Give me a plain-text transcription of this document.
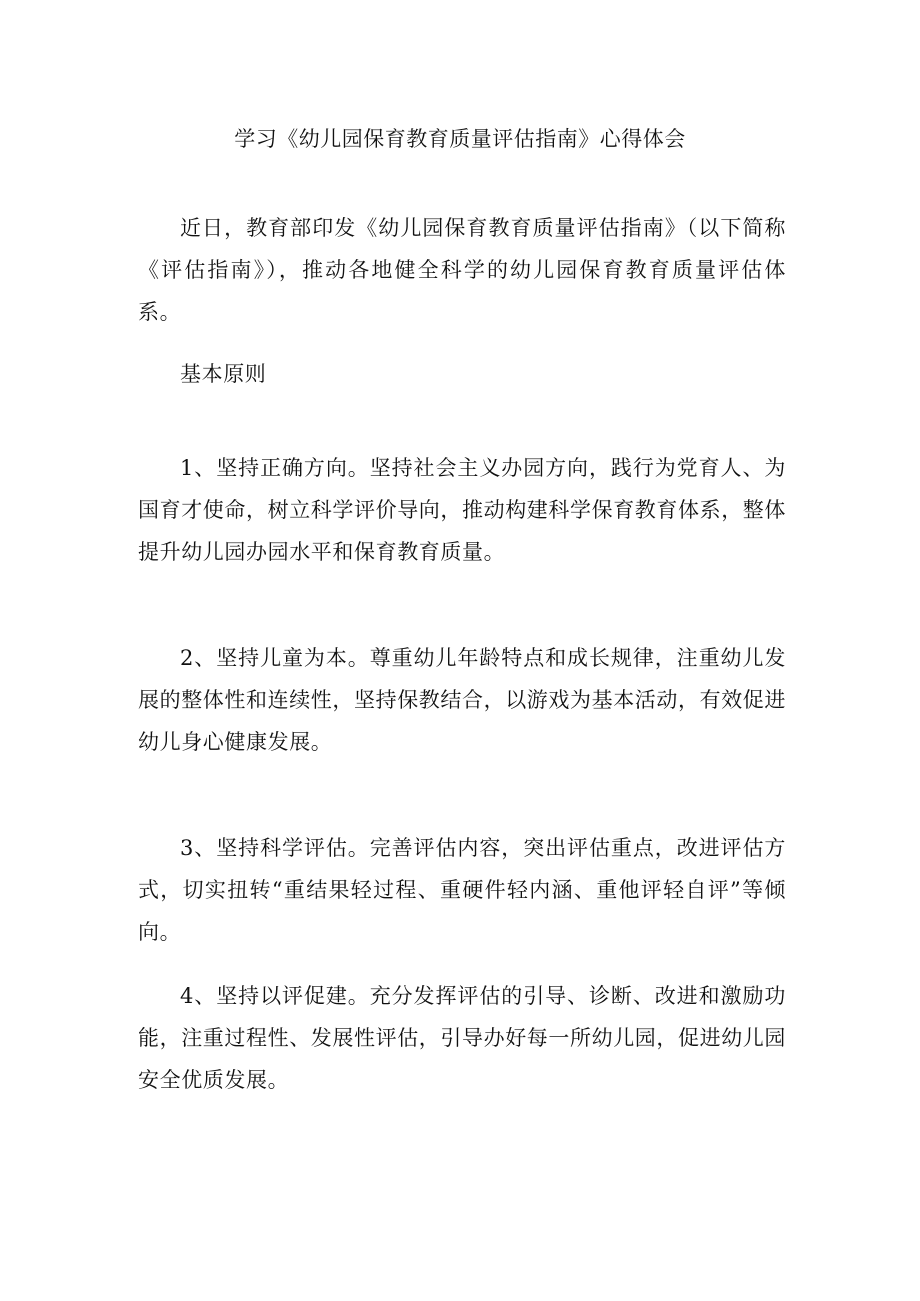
学习《幼儿园保育教育质量评估指南》心得体会

近日，教育部印发《幼儿园保育教育质量评估指南》（以下简称《评估指南》），推动各地健全科学的幼儿园保育教育质量评估体系。

基本原则

1、坚持正确方向。坚持社会主义办园方向，践行为党育人、为国育才使命，树立科学评价导向，推动构建科学保育教育体系，整体提升幼儿园办园水平和保育教育质量。

2、坚持儿童为本。尊重幼儿年龄特点和成长规律，注重幼儿发展的整体性和连续性，坚持保教结合，以游戏为基本活动，有效促进幼儿身心健康发展。

3、坚持科学评估。完善评估内容，突出评估重点，改进评估方式，切实扭转“重结果轻过程、重硬件轻内涵、重他评轻自评”等倾向。

4、坚持以评促建。充分发挥评估的引导、诊断、改进和激励功能，注重过程性、发展性评估，引导办好每一所幼儿园，促进幼儿园安全优质发展。
